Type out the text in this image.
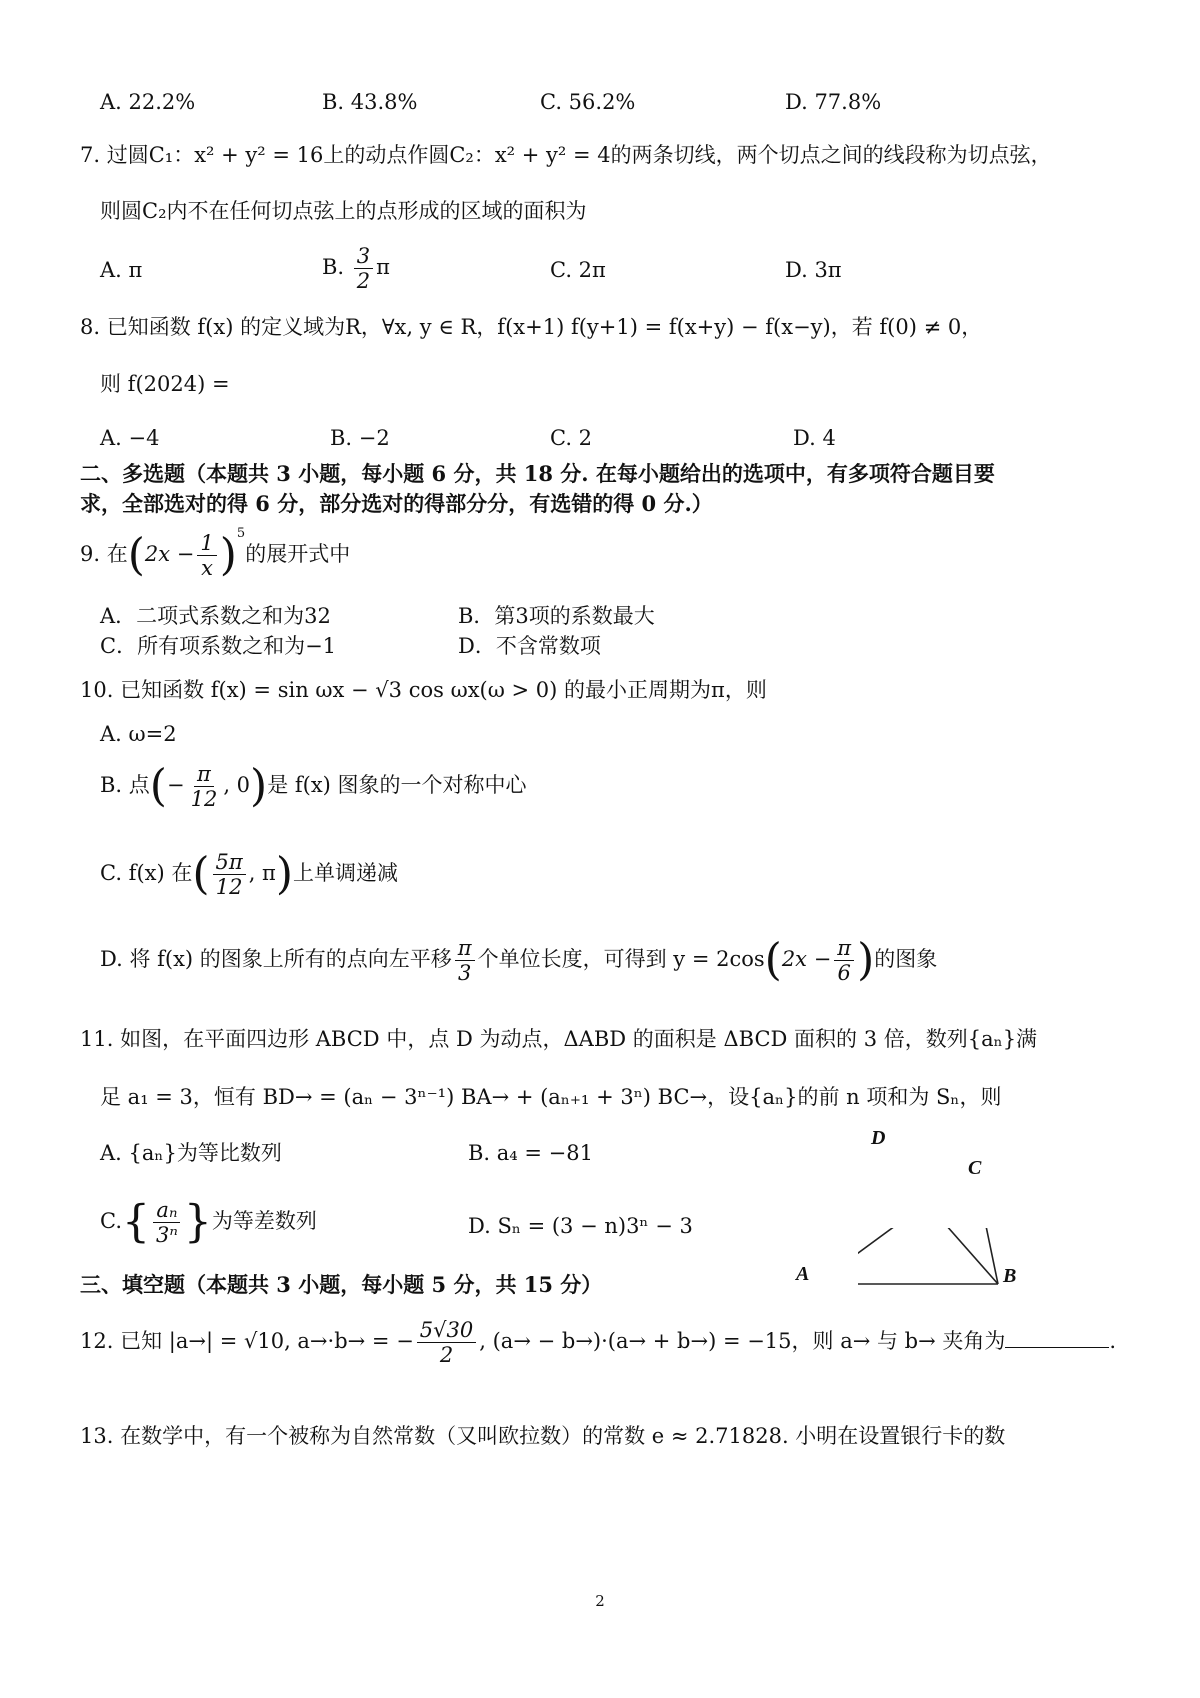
A. 22.2%	B. 43.8%	C. 56.2%	D. 77.8%
7. 过圆C₁：x² + y² = 16上的动点作圆C₂：x² + y² = 4的两条切线，两个切点之间的线段称为切点弦，
则圆C₂内不在任何切点弦上的点形成的区域的面积为
A. π	B. $\frac{3}{2}$ π	C. 2π	D. 3π
8. 已知函数 f(x) 的定义域为R，∀x, y ∈ R，f(x+1) f(y+1) = f(x+y) − f(x−y)，若 f(0) ≠ 0，
则 f(2024) =
A. −4	B. −2	C. 2	D. 4
二、多选题（本题共 3 小题，每小题 6 分，共 18 分. 在每小题给出的选项中，有多项符合题目要
求，全部选对的得 6 分，部分选对的得部分分，有选错的得 0 分.）
9. 在$(2x - \frac{1}{x} )^5$的展开式中
A．二项式系数之和为32	B．第3项的系数最大
C．所有项系数之和为−1	D．不含常数项
10. 已知函数 f(x) = sin ωx − √3 cos ωx(ω > 0) 的最小正周期为π，则
A. ω=2
B. 点(− $\frac{\pi}{12}$ , 0)是 f(x) 图象的一个对称中心
C. f(x) 在( $\frac{5\pi}{12}$ , π)上单调递减
D. 将 f(x) 的图象上所有的点向左平移 $\frac{\pi}{3}$ 个单位长度，可得到 $y = 2\cos(2x - \frac{\pi}{6}$ )的图象
11. 如图，在平面四边形 ABCD 中，点 D 为动点，ΔABD 的面积是 ΔBCD 面积的 3 倍，数列{aₙ}满
足 a₁ = 3，恒有 BD→ = (aₙ − 3ⁿ⁻¹) BA→ + (aₙ₊₁ + 3ⁿ) BC→，设{aₙ}的前 n 项和为 Sₙ，则
A. {aₙ}为等比数列	B. a₄ = −81
$C.\{ \frac{\text{aₙ}}{\text{3ⁿ}}$ }为等差数列	D. Sₙ = (3 − n)3ⁿ − 3
D
C
A	B
三、填空题（本题共 3 小题，每小题 5 分，共 15 分）
12. 已知 |a→| = √10, a→·b→ = − $\frac{5√30}{2}$ , (a→ − b→)·(a→ + b→) = −15，则 a→ 与 b→ 夹角为	.
13. 在数学中，有一个被称为自然常数（又叫欧拉数）的常数 e ≈ 2.71828. 小明在设置银行卡的数
2
